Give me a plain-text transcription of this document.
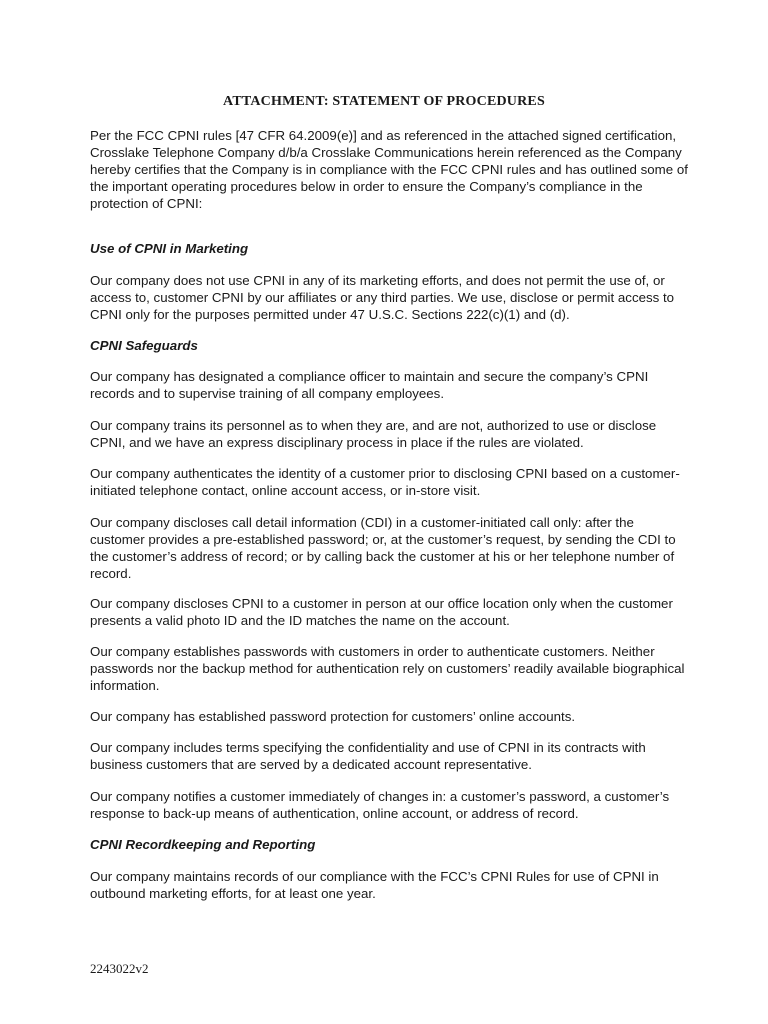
ATTACHMENT: STATEMENT OF PROCEDURES
Per the FCC CPNI rules [47 CFR 64.2009(e)] and as referenced in the attached signed certification, Crosslake Telephone Company d/b/a Crosslake Communications herein referenced as the Company hereby certifies that the Company is in compliance with the FCC CPNI rules and has outlined some of the important operating procedures below in order to ensure the Company’s compliance in the protection of CPNI:
Use of CPNI in Marketing
Our company does not use CPNI in any of its marketing efforts, and does not permit the use of, or access to, customer CPNI by our affiliates or any third parties. We use, disclose or permit access to CPNI only for the purposes permitted under 47 U.S.C. Sections 222(c)(1) and (d).
CPNI Safeguards
Our company has designated a compliance officer to maintain and secure the company’s CPNI records and to supervise training of all company employees.
Our company trains its personnel as to when they are, and are not, authorized to use or disclose CPNI, and we have an express disciplinary process in place if the rules are violated.
Our company authenticates the identity of a customer prior to disclosing CPNI based on a customer-initiated telephone contact, online account access, or in-store visit.
Our company discloses call detail information (CDI) in a customer-initiated call only: after the customer provides a pre-established password; or, at the customer’s request, by sending the CDI to the customer’s address of record; or by calling back the customer at his or her telephone number of record.
Our company discloses CPNI to a customer in person at our office location only when the customer presents a valid photo ID and the ID matches the name on the account.
Our company establishes passwords with customers in order to authenticate customers. Neither passwords nor the backup method for authentication rely on customers’ readily available biographical information.
Our company has established password protection for customers’ online accounts.
Our company includes terms specifying the confidentiality and use of CPNI in its contracts with business customers that are served by a dedicated account representative.
Our company notifies a customer immediately of changes in: a customer’s password, a customer’s response to back-up means of authentication, online account, or address of record.
CPNI Recordkeeping and Reporting
Our company maintains records of our compliance with the FCC’s CPNI Rules for use of CPNI in outbound marketing efforts, for at least one year.
2243022v2
